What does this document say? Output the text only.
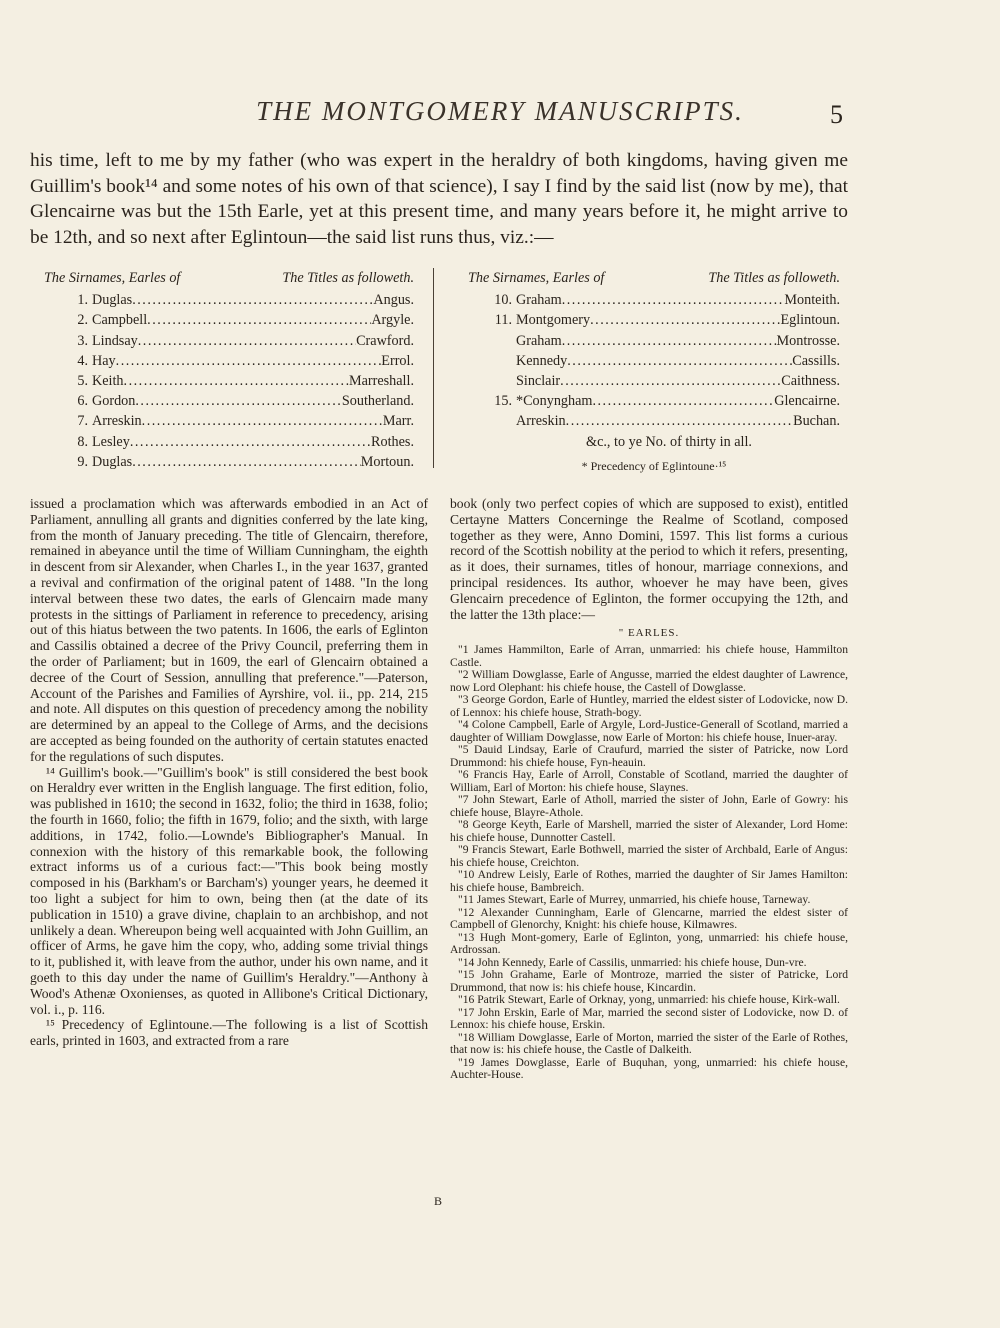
THE MONTGOMERY MANUSCRIPTS.	5

his time, left to me by my father (who was expert in the heraldry of both kingdoms, having given me Guillim's book¹⁴ and some notes of his own of that science), I say I find by the said list (now by me), that Glencairne was but the 15th Earle, yet at this present time, and many years before it, he might arrive to be 12th, and so next after Eglintoun—the said list runs thus, viz.:—

The Sirnames, Earles of	The Titles as followeth.
1. Duglas .....	Angus.
2. Campbell .....	Argyle.
3. Lindsay .....	Crawford.
4. Hay .....	Errol.
5. Keith .....	Marreshall.
6. Gordon .....	Southerland.
7. Arreskin .....	Marr.
8. Lesley .....	Rothes.
9. Duglas .....	Mortoun.
The Sirnames, Earles of	The Titles as followeth.
10. Graham .....	Monteith.
11. Montgomery .....	Eglintoun.
Graham .....	Montrosse.
Kennedy .....	Cassills.
Sinclair .....	Caithness.
15. *Conyngham .....	Glencairne.
Arreskin .....	Buchan.
&c., to ye No. of thirty in all.
* Precedency of Eglintoune·¹⁵

issued a proclamation which was afterwards embodied in an Act of Parliament, annulling all grants and dignities conferred by the late king, from the month of January preceding. The title of Glencairn, therefore, remained in abeyance until the time of William Cunningham, the eighth in descent from sir Alexander, when Charles I., in the year 1637, granted a revival and confirmation of the original patent of 1488. "In the long interval between these two dates, the earls of Glencairn made many protests in the sittings of Parliament in reference to precedency, arising out of this hiatus between the two patents. In 1606, the earls of Eglinton and Cassilis obtained a decree of the Privy Council, preferring them in the order of Parliament; but in 1609, the earl of Glencairn obtained a decree of the Court of Session, annulling that preference."—Paterson, Account of the Parishes and Families of Ayrshire, vol. ii., pp. 214, 215 and note. All disputes on this question of precedency among the nobility are determined by an appeal to the College of Arms, and the decisions are accepted as being founded on the authority of certain statutes enacted for the regulations of such disputes.

¹⁴ Guillim's book.—"Guillim's book" is still considered the best book on Heraldry ever written in the English language. The first edition, folio, was published in 1610; the second in 1632, folio; the third in 1638, folio; the fourth in 1660, folio; the fifth in 1679, folio; and the sixth, with large additions, in 1742, folio.—Lownde's Bibliographer's Manual. In connexion with the history of this remarkable book, the following extract informs us of a curious fact:—"This book being mostly composed in his (Barkham's or Barcham's) younger years, he deemed it too light a subject for him to own, being then (at the date of its publication in 1510) a grave divine, chaplain to an archbishop, and not unlikely a dean. Whereupon being well acquainted with John Guillim, an officer of Arms, he gave him the copy, who, adding some trivial things to it, published it, with leave from the author, under his own name, and it goeth to this day under the name of Guillim's Heraldry."—Anthony à Wood's Athenæ Oxonienses, as quoted in Allibone's Critical Dictionary, vol. i., p. 116.

¹⁵ Precedency of Eglintoune.—The following is a list of Scottish earls, printed in 1603, and extracted from a rare

book (only two perfect copies of which are supposed to exist), entitled Certayne Matters Concerninge the Realme of Scotland, composed together as they were, Anno Domini, 1597. This list forms a curious record of the Scottish nobility at the period to which it refers, presenting, as it does, their surnames, titles of honour, marriage connexions, and principal residences. Its author, whoever he may have been, gives Glencairn precedence of Eglinton, the former occupying the 12th, and the latter the 13th place:—

" EARLES.

"1 James Hammilton, Earle of Arran, unmarried: his chiefe house, Hammilton Castle.

"2 William Dowglasse, Earle of Angusse, married the eldest daughter of Lawrence, now Lord Olephant: his chiefe house, the Castell of Dowglasse.

"3 George Gordon, Earle of Huntley, married the eldest sister of Lodovicke, now D. of Lennox: his chiefe house, Strath-bogy.

"4 Colone Campbell, Earle of Argyle, Lord-Justice-Generall of Scotland, married a daughter of William Dowglasse, now Earle of Morton: his chiefe house, Inuer-aray.

"5 Dauid Lindsay, Earle of Craufurd, married the sister of Patricke, now Lord Drummond: his chiefe house, Fyn-heauin.

"6 Francis Hay, Earle of Arroll, Constable of Scotland, married the daughter of William, Earl of Morton: his chiefe house, Slaynes.

"7 John Stewart, Earle of Atholl, married the sister of John, Earle of Gowry: his chiefe house, Blayre-Athole.

"8 George Keyth, Earle of Marshell, married the sister of Alexander, Lord Home: his chiefe house, Dunnotter Castell.

"9 Francis Stewart, Earle Bothwell, married the sister of Archbald, Earle of Angus: his chiefe house, Creichton.

"10 Andrew Leisly, Earle of Rothes, married the daughter of Sir James Hamilton: his chiefe house, Bambreich.

"11 James Stewart, Earle of Murrey, unmarried, his chiefe house, Tarneway.

"12 Alexander Cunningham, Earle of Glencarne, married the eldest sister of Campbell of Glenorchy, Knight: his chiefe house, Kilmawres.

"13 Hugh Mont-gomery, Earle of Eglinton, yong, unmarried: his chiefe house, Ardrossan.

"14 John Kennedy, Earle of Cassilis, unmarried: his chiefe house, Dun-vre.

"15 John Grahame, Earle of Montroze, married the sister of Patricke, Lord Drummond, that now is: his chiefe house, Kincardin.

"16 Patrik Stewart, Earle of Orknay, yong, unmarried: his chiefe house, Kirk-wall.

"17 John Erskin, Earle of Mar, married the second sister of Lodovicke, now D. of Lennox: his chiefe house, Erskin.

"18 William Dowglasse, Earle of Morton, married the sister of the Earle of Rothes, that now is: his chiefe house, the Castle of Dalkeith.

"19 James Dowglasse, Earle of Buquhan, yong, unmarried: his chiefe house, Auchter-House.

B
